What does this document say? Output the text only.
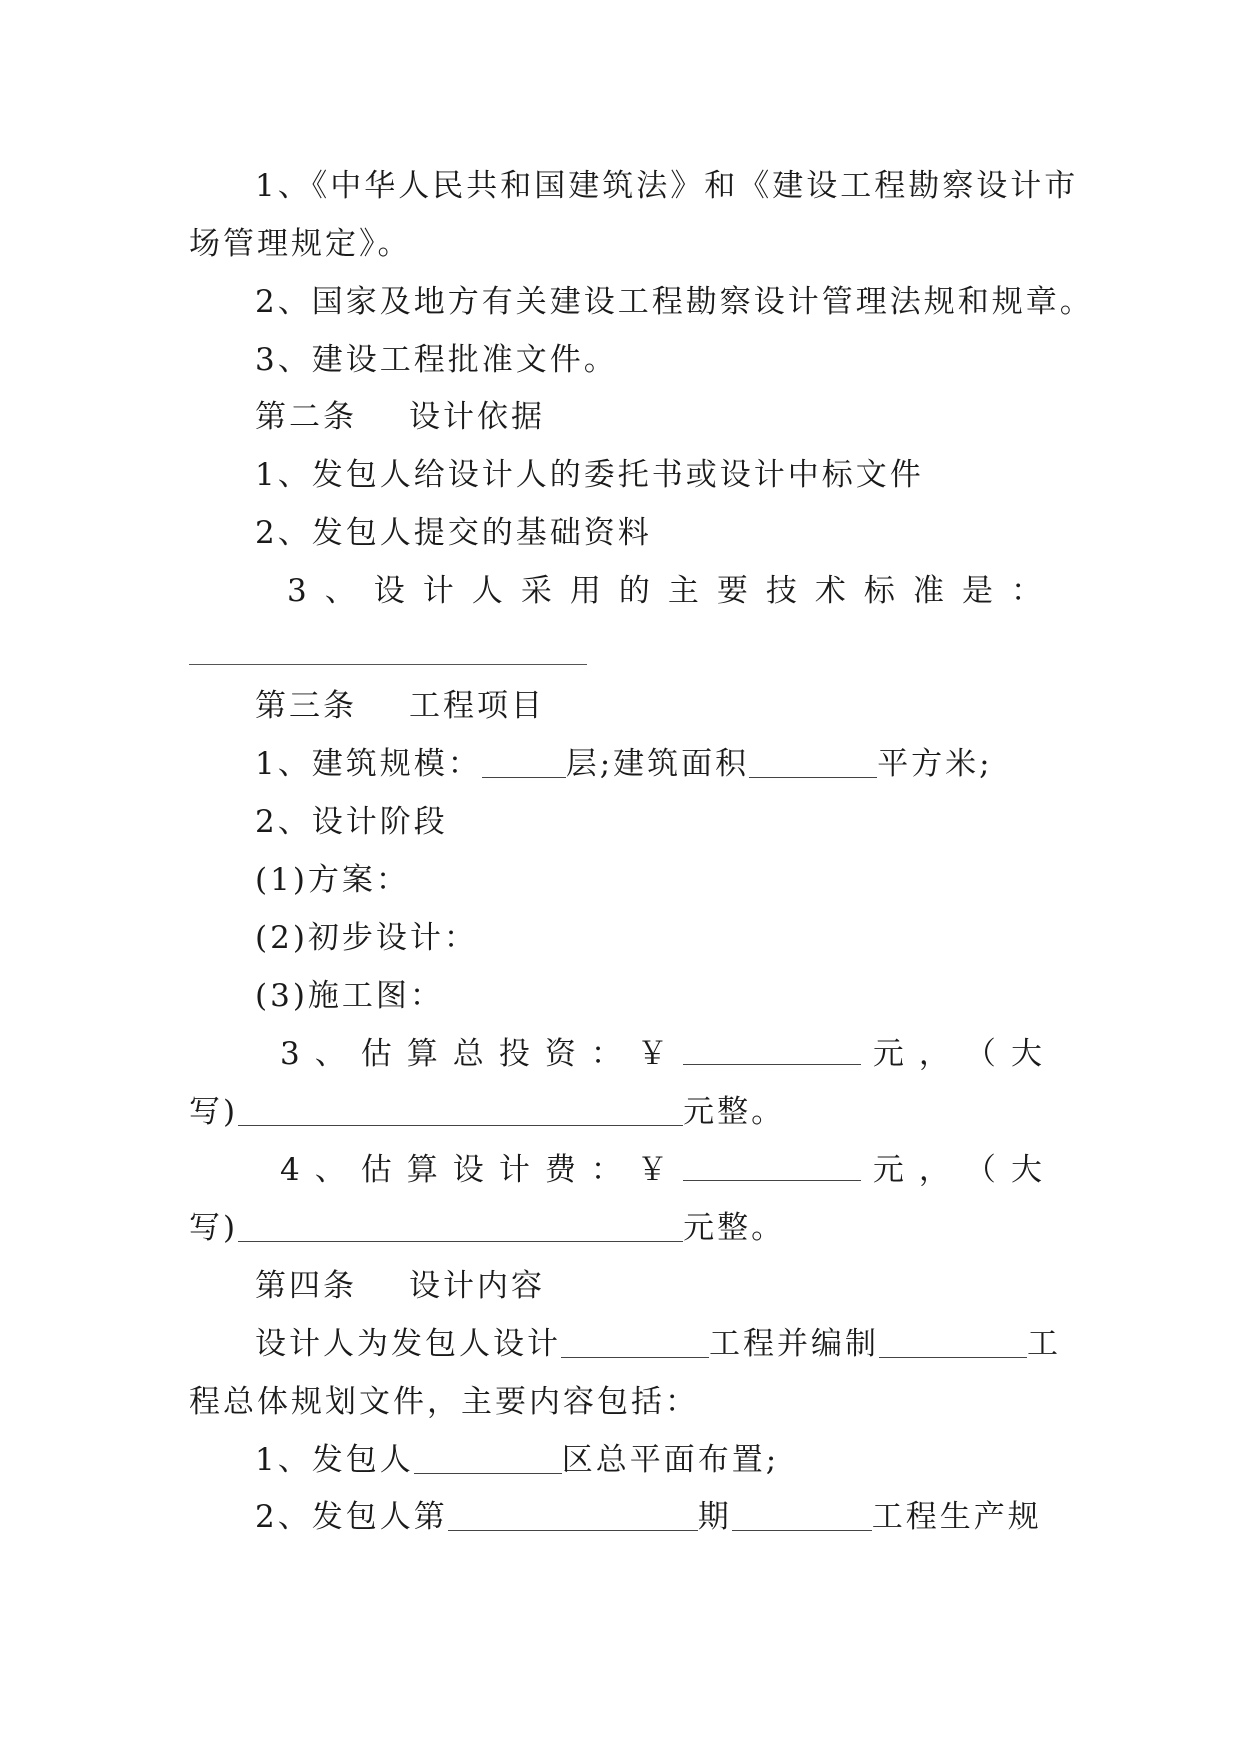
1、《中华人民共和国建筑法》和《建设工程勘察设计市
场管理规定》。
2、国家及地方有关建设工程勘察设计管理法规和规章。
3、建设工程批准文件。
第二条 设计依据
1、发包人给设计人的委托书或设计中标文件
2、发包人提交的基础资料
3 、 设 计 人 采 用 的 主 要 技 术 标 准 是 ：
第三条 工程项目
1、建筑规模：	层;建筑面积	平方米;
2、设计阶段
(1)方案：
(2)初步设计：
(3)施工图：
3 、 估 算 总 投 资 ： ￥	元 ， （ 大
写)	元整。
4 、 估 算 设 计 费 ： ￥	元 ， （ 大
写)	元整。
第四条 设计内容
设计人为发包人设计	工程并编制	工
程总体规划文件，主要内容包括：
1、发包人	区总平面布置;
2、发包人第	期	工程生产规
